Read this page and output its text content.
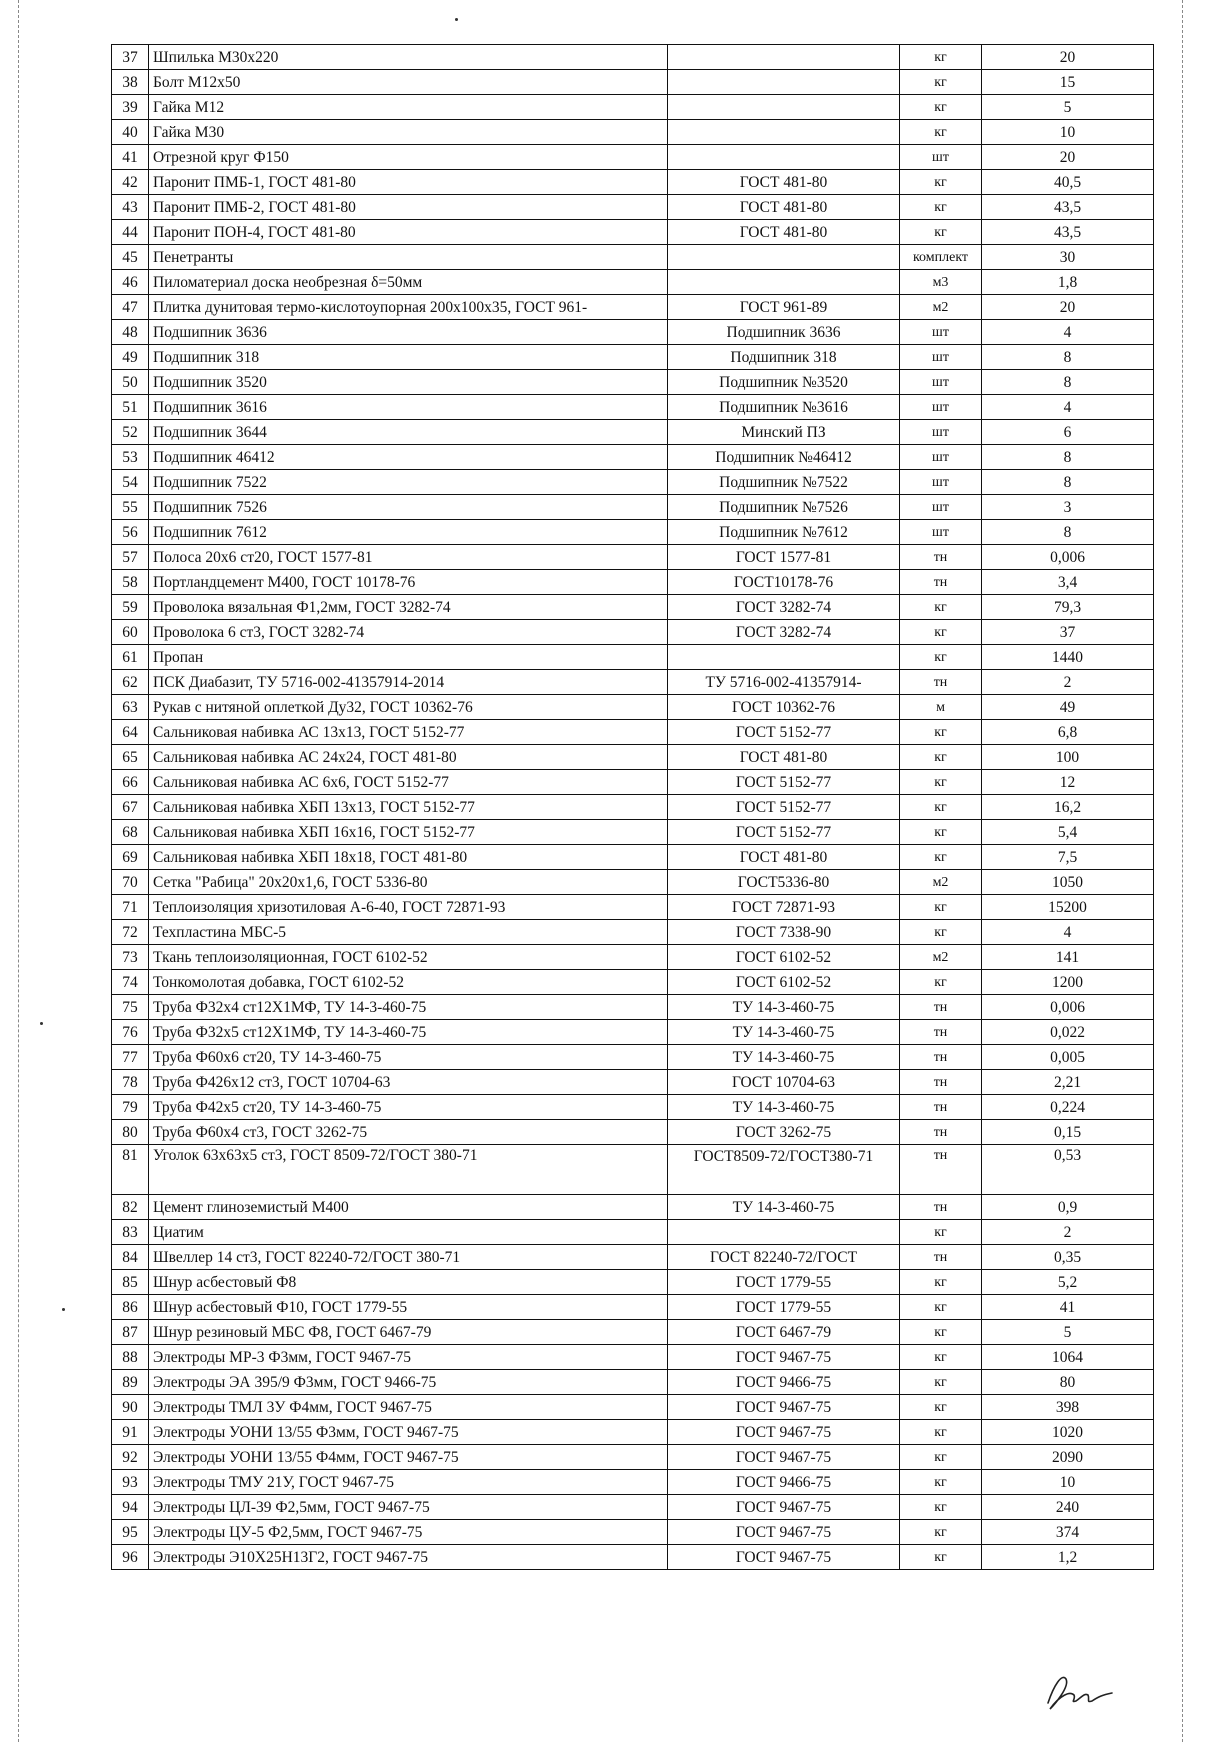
37	Шпилька М30х220		кг	20
38	Болт М12х50		кг	15
39	Гайка М12		кг	5
40	Гайка М30		кг	10
41	Отрезной круг Ф150		шт	20
42	Паронит ПМБ-1, ГОСТ 481-80	ГОСТ 481-80	кг	40,5
43	Паронит ПМБ-2, ГОСТ 481-80	ГОСТ 481-80	кг	43,5
44	Паронит ПОН-4, ГОСТ 481-80	ГОСТ 481-80	кг	43,5
45	Пенетранты		комплект	30
46	Пиломатериал доска необрезная δ=50мм		м3	1,8
47	Плитка дунитовая термо-кислотоупорная 200х100х35, ГОСТ 961-	ГОСТ 961-89	м2	20
48	Подшипник 3636	Подшипник 3636	шт	4
49	Подшипник 318	Подшипник 318	шт	8
50	Подшипник 3520	Подшипник №3520	шт	8
51	Подшипник 3616	Подшипник №3616	шт	4
52	Подшипник 3644	Минский ПЗ	шт	6
53	Подшипник 46412	Подшипник №46412	шт	8
54	Подшипник 7522	Подшипник №7522	шт	8
55	Подшипник 7526	Подшипник №7526	шт	3
56	Подшипник 7612	Подшипник №7612	шт	8
57	Полоса 20х6 ст20, ГОСТ 1577-81	ГОСТ 1577-81	тн	0,006
58	Портландцемент М400, ГОСТ 10178-76	ГОСТ10178-76	тн	3,4
59	Проволока вязальная Ф1,2мм, ГОСТ 3282-74	ГОСТ 3282-74	кг	79,3
60	Проволока 6 ст3, ГОСТ 3282-74	ГОСТ 3282-74	кг	37
61	Пропан		кг	1440
62	ПСК Диабазит, ТУ 5716-002-41357914-2014	ТУ 5716-002-41357914-	тн	2
63	Рукав с нитяной оплеткой Ду32, ГОСТ 10362-76	ГОСТ 10362-76	м	49
64	Сальниковая набивка АС 13х13, ГОСТ 5152-77	ГОСТ 5152-77	кг	6,8
65	Сальниковая набивка АС 24х24, ГОСТ 481-80	ГОСТ 481-80	кг	100
66	Сальниковая набивка АС 6х6, ГОСТ 5152-77	ГОСТ 5152-77	кг	12
67	Сальниковая набивка ХБП 13х13, ГОСТ 5152-77	ГОСТ 5152-77	кг	16,2
68	Сальниковая набивка ХБП 16х16, ГОСТ 5152-77	ГОСТ 5152-77	кг	5,4
69	Сальниковая набивка ХБП 18х18, ГОСТ 481-80	ГОСТ 481-80	кг	7,5
70	Сетка "Рабица" 20х20х1,6, ГОСТ 5336-80	ГОСТ5336-80	м2	1050
71	Теплоизоляция хризотиловая А-6-40, ГОСТ 72871-93	ГОСТ 72871-93	кг	15200
72	Техпластина МБС-5	ГОСТ 7338-90	кг	4
73	Ткань теплоизоляционная, ГОСТ 6102-52	ГОСТ 6102-52	м2	141
74	Тонкомолотая добавка, ГОСТ 6102-52	ГОСТ 6102-52	кг	1200
75	Труба Ф32х4 ст12Х1МФ, ТУ 14-3-460-75	ТУ 14-3-460-75	тн	0,006
76	Труба Ф32х5 ст12Х1МФ, ТУ 14-3-460-75	ТУ 14-3-460-75	тн	0,022
77	Труба Ф60х6 ст20, ТУ 14-3-460-75	ТУ 14-3-460-75	тн	0,005
78	Труба Ф426х12 ст3, ГОСТ 10704-63	ГОСТ 10704-63	тн	2,21
79	Труба Ф42х5 ст20, ТУ 14-3-460-75	ТУ 14-3-460-75	тн	0,224
80	Труба Ф60х4 ст3, ГОСТ 3262-75	ГОСТ 3262-75	тн	0,15
81	Уголок 63х63х5 ст3, ГОСТ 8509-72/ГОСТ 380-71	ГОСТ8509-72/ГОСТ380-71	тн	0,53
82	Цемент глиноземистый М400	ТУ 14-3-460-75	тн	0,9
83	Циатим		кг	2
84	Швеллер 14 ст3, ГОСТ 82240-72/ГОСТ 380-71	ГОСТ 82240-72/ГОСТ	тн	0,35
85	Шнур асбестовый Ф8	ГОСТ 1779-55	кг	5,2
86	Шнур асбестовый Ф10, ГОСТ 1779-55	ГОСТ 1779-55	кг	41
87	Шнур резиновый МБС Ф8, ГОСТ 6467-79	ГОСТ 6467-79	кг	5
88	Электроды МР-3 Ф3мм, ГОСТ 9467-75	ГОСТ 9467-75	кг	1064
89	Электроды ЭА 395/9 Ф3мм, ГОСТ 9466-75	ГОСТ 9466-75	кг	80
90	Электроды ТМЛ 3У Ф4мм, ГОСТ 9467-75	ГОСТ 9467-75	кг	398
91	Электроды УОНИ 13/55 Ф3мм, ГОСТ 9467-75	ГОСТ 9467-75	кг	1020
92	Электроды УОНИ 13/55 Ф4мм, ГОСТ 9467-75	ГОСТ 9467-75	кг	2090
93	Электроды ТМУ 21У, ГОСТ 9467-75	ГОСТ 9466-75	кг	10
94	Электроды ЦЛ-39 Ф2,5мм, ГОСТ 9467-75	ГОСТ 9467-75	кг	240
95	Электроды ЦУ-5 Ф2,5мм, ГОСТ 9467-75	ГОСТ 9467-75	кг	374
96	Электроды Э10Х25Н13Г2, ГОСТ 9467-75	ГОСТ 9467-75	кг	1,2
